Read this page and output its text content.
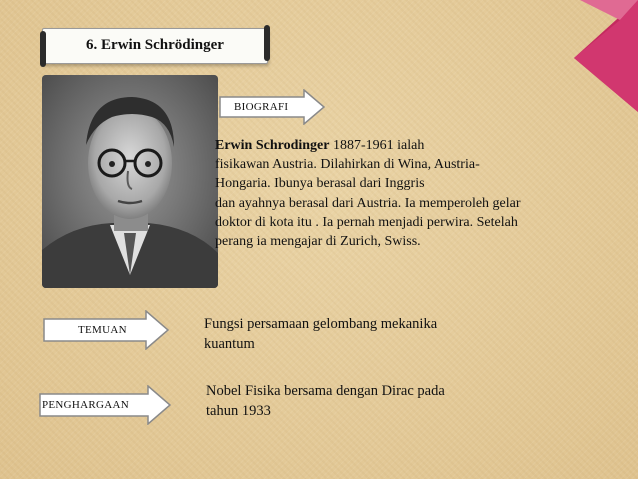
6. Erwin Schrödinger
BIOGRAFI
Erwin Schrodinger 1887-1961 ialah
fisikawan Austria. Dilahirkan di Wina, Austria-
Hongaria. Ibunya berasal dari Inggris
dan ayahnya berasal dari Austria. Ia memperoleh gelar
doktor di kota itu . Ia pernah menjadi perwira. Setelah
perang ia mengajar di Zurich, Swiss.
TEMUAN	Fungsi persamaan gelombang mekanika
kuantum
PENGHARGAAN
Nobel Fisika bersama dengan Dirac pada
tahun 1933
